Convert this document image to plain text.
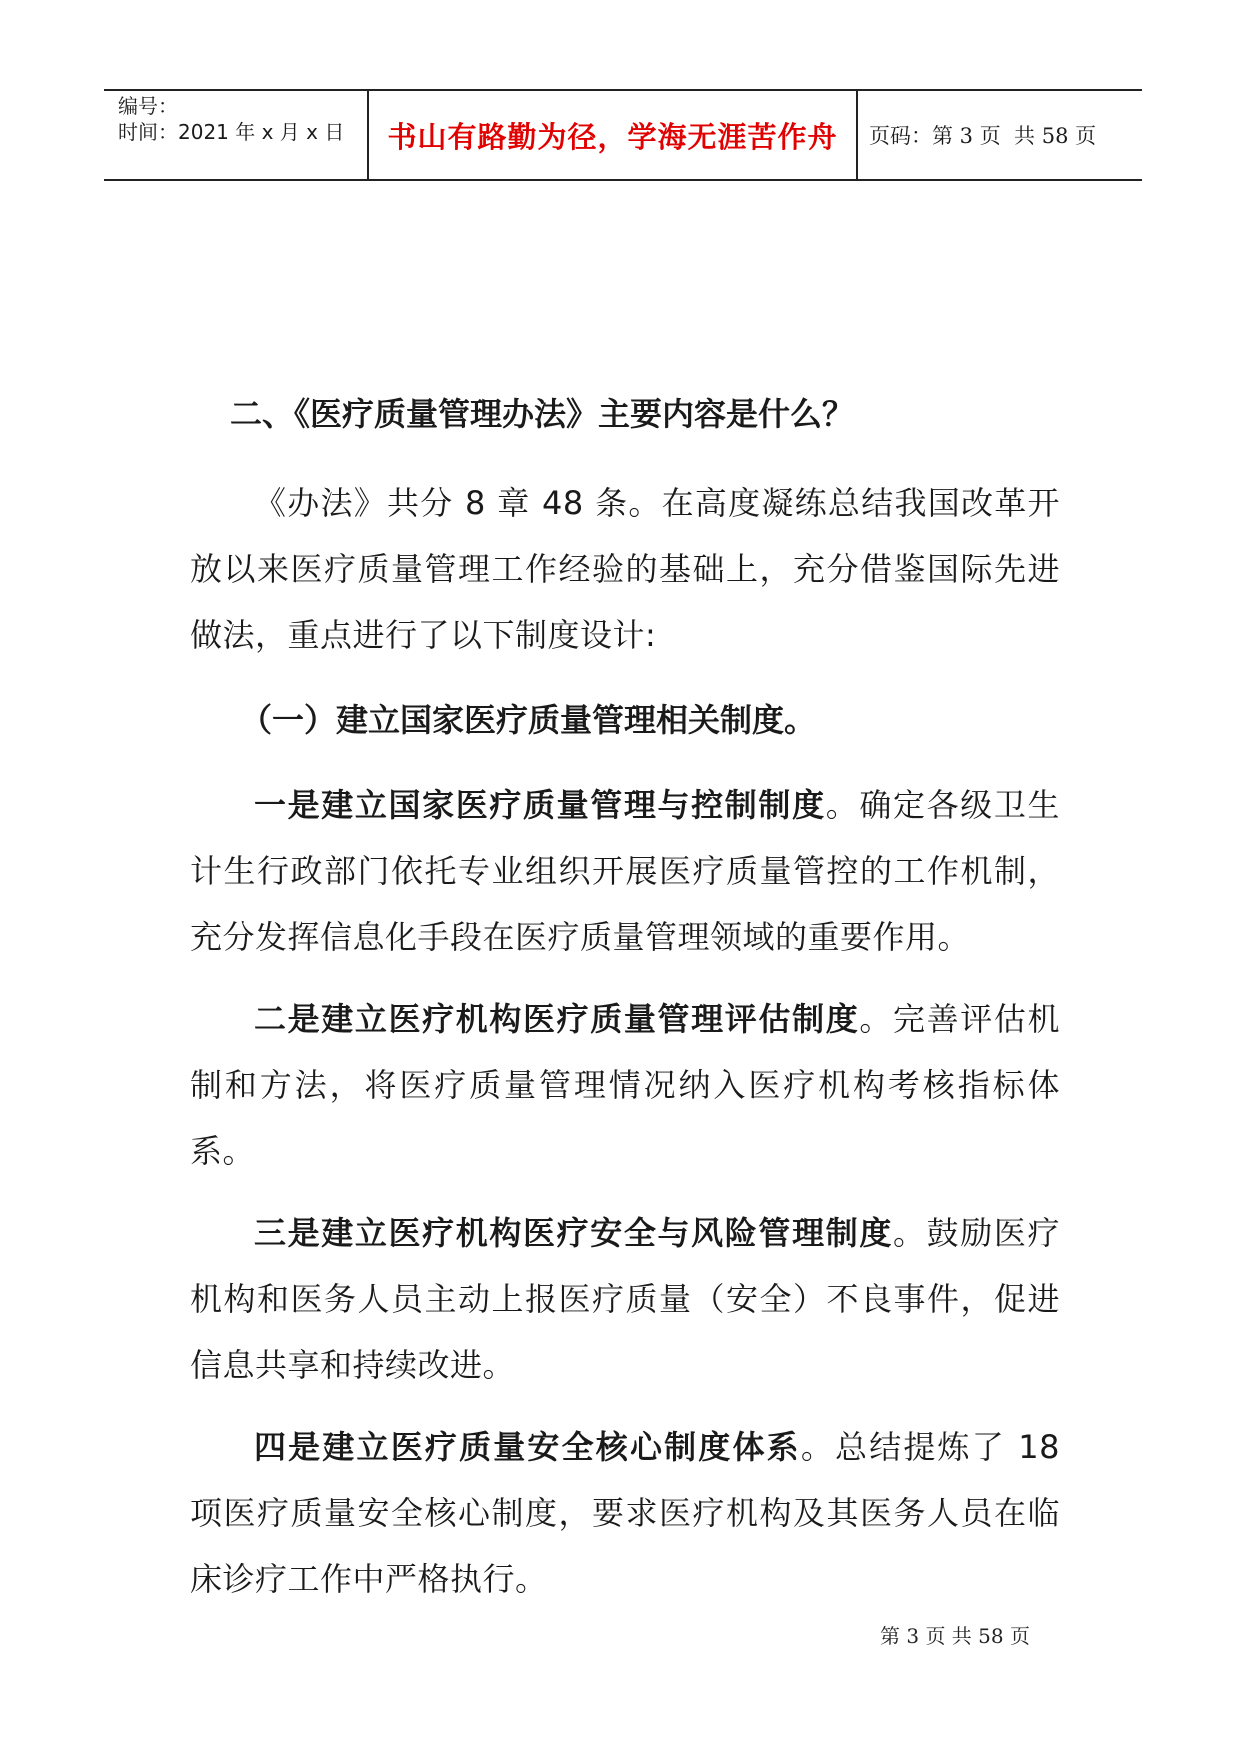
编号：
时间：2021 年 x 月 x 日	书山有路勤为径，学海无涯苦作舟	页码：第 3 页  共 58 页

二、《医疗质量管理办法》主要内容是什么？

《办法》共分 8 章 48 条。在高度凝练总结我国改革开放以来医疗质量管理工作经验的基础上，充分借鉴国际先进做法，重点进行了以下制度设计:

（一）建立国家医疗质量管理相关制度。

一是建立国家医疗质量管理与控制制度。确定各级卫生计生行政部门依托专业组织开展医疗质量管控的工作机制，充分发挥信息化手段在医疗质量管理领域的重要作用。

二是建立医疗机构医疗质量管理评估制度。完善评估机制和方法，将医疗质量管理情况纳入医疗机构考核指标体系。

三是建立医疗机构医疗安全与风险管理制度。鼓励医疗机构和医务人员主动上报医疗质量（安全）不良事件，促进信息共享和持续改进。

四是建立医疗质量安全核心制度体系。总结提炼了 18 项医疗质量安全核心制度，要求医疗机构及其医务人员在临床诊疗工作中严格执行。

第 3 页 共 58 页
